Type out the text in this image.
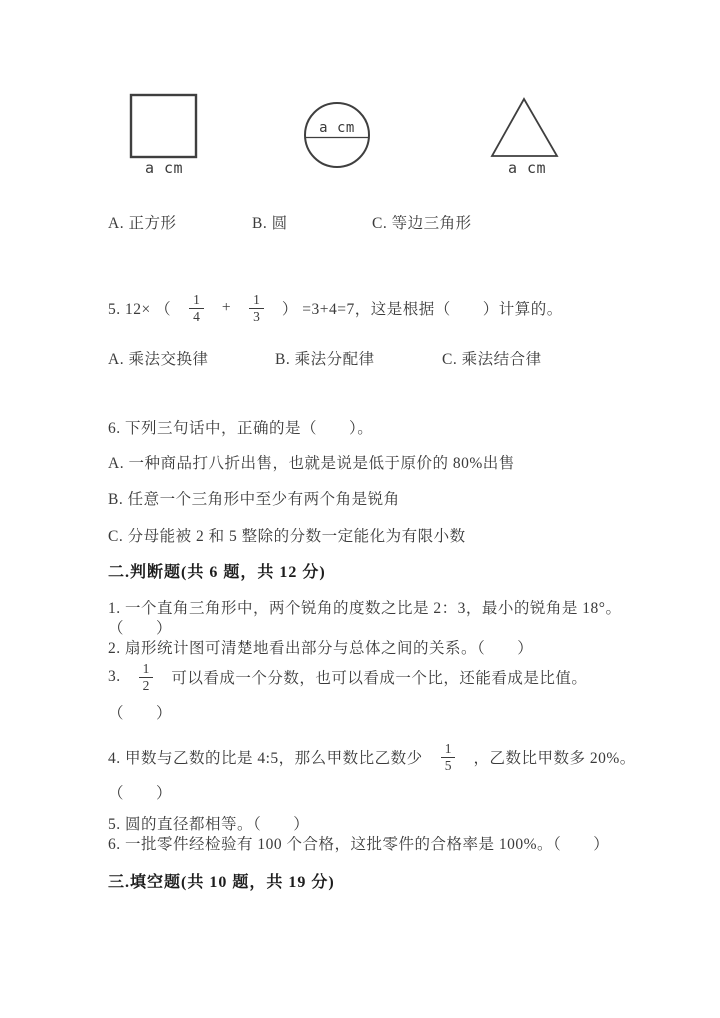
a cm
a cm
a cm
A. 正方形	B. 圆	C. 等边三角形
5. 12× （ $\frac{1}{4} + \frac{1}{3}$ ） =3+4=7，这是根据（　　）计算的。
A. 乘法交换律	B. 乘法分配律	C. 乘法结合律
6. 下列三句话中，正确的是（　　）。
A. 一种商品打八折出售，也就是说是低于原价的 80%出售
B. 任意一个三角形中至少有两个角是锐角
C. 分母能被 2 和 5 整除的分数一定能化为有限小数
二.判断题(共 6 题，共 12 分)
1. 一个直角三角形中，两个锐角的度数之比是 2：3，最小的锐角是 18°。
（　　）
2. 扇形统计图可清楚地看出部分与总体之间的关系。（　　）
3. $\frac{1}{2}$ 可以看成一个分数，也可以看成一个比，还能看成是比值。
（　　）
4. 甲数与乙数的比是 4:5，那么甲数比乙数少 $\frac{1}{5}$ ，乙数比甲数多 20%。
（　　）
5. 圆的直径都相等。（　　）
6. 一批零件经检验有 100 个合格，这批零件的合格率是 100%。（　　）
三.填空题(共 10 题，共 19 分)
